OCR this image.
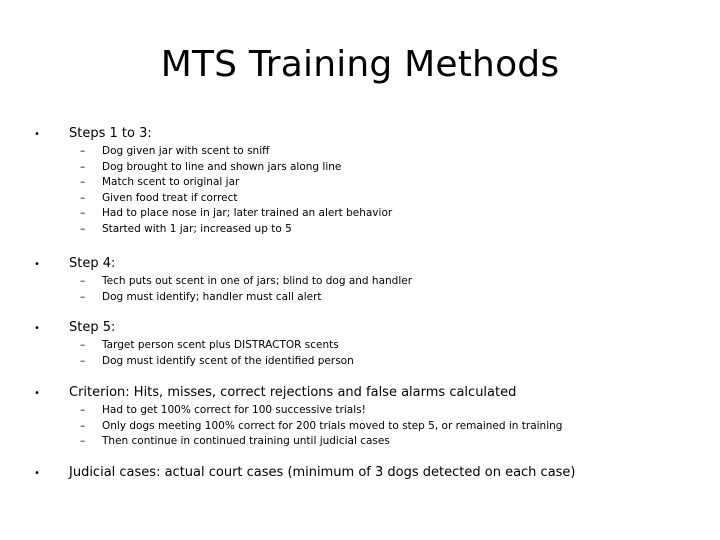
MTS Training Methods
• Steps 1 to 3:
– Dog given jar with scent to sniff
– Dog brought to line and shown jars along line
– Match scent to original jar
– Given food treat if correct
– Had to place nose in jar; later trained an alert behavior
– Started with 1 jar; increased up to 5
• Step 4:
– Tech puts out scent in one of jars; blind to dog and handler
– Dog must identify; handler must call alert
• Step 5:
– Target person scent plus DISTRACTOR scents
– Dog must identify scent of the identified person
• Criterion: Hits, misses, correct rejections and false alarms calculated
– Had to get 100% correct for 100 successive trials!
– Only dogs meeting 100% correct for 200 trials moved to step 5, or remained in training
– Then continue in continued training until judicial cases
• Judicial cases: actual court cases (minimum of 3 dogs detected on each case)
